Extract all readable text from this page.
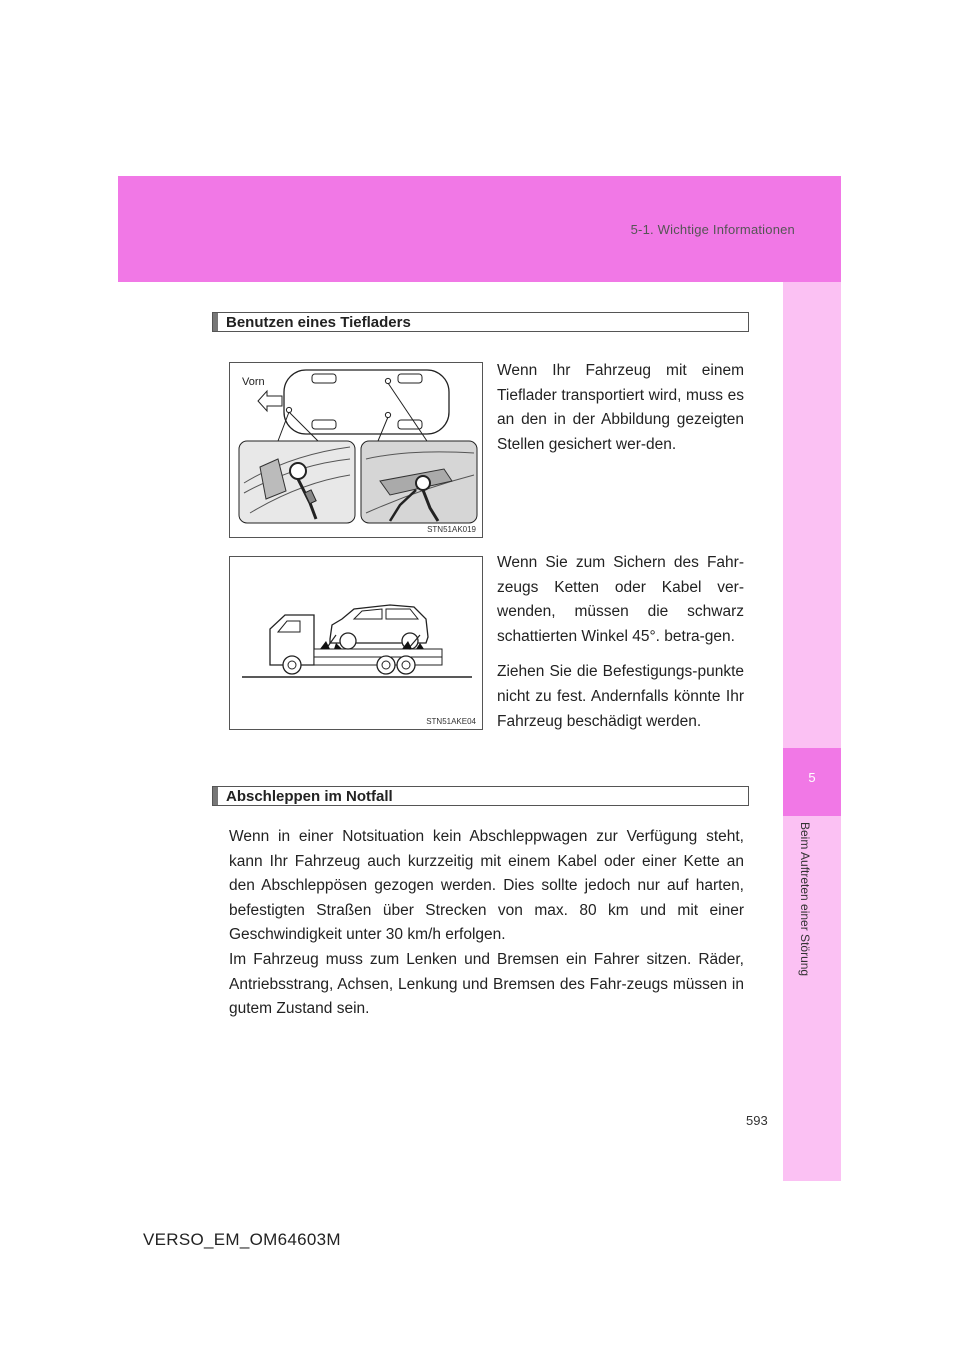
5-1. Wichtige Informationen
5
Beim Auftreten einer Störung
Benutzen eines Tiefladers
Vorn
STN51AK019
STN51AKE04

Wenn Ihr Fahrzeug mit einem Tieflader transportiert wird, muss es an den in der Abbildung gezeigten Stellen gesichert wer-den.

Wenn Sie zum Sichern des Fahr-zeugs Ketten oder Kabel ver-wenden, müssen die schwarz schattierten Winkel 45°. betra-gen.

Ziehen Sie die Befestigungs-punkte nicht zu fest. Andernfalls könnte Ihr Fahrzeug beschädigt werden.

Abschleppen im Notfall

Wenn in einer Notsituation kein Abschleppwagen zur Verfügung steht, kann Ihr Fahrzeug auch kurzzeitig mit einem Kabel oder einer Kette an den Abschleppösen gezogen werden. Dies sollte jedoch nur auf harten, befestigten Straßen über Strecken von max. 80 km und mit einer Geschwindigkeit unter 30 km/h erfolgen.

Im Fahrzeug muss zum Lenken und Bremsen ein Fahrer sitzen. Räder, Antriebsstrang, Achsen, Lenkung und Bremsen des Fahr-zeugs müssen in gutem Zustand sein.

593
VERSO_EM_OM64603M
